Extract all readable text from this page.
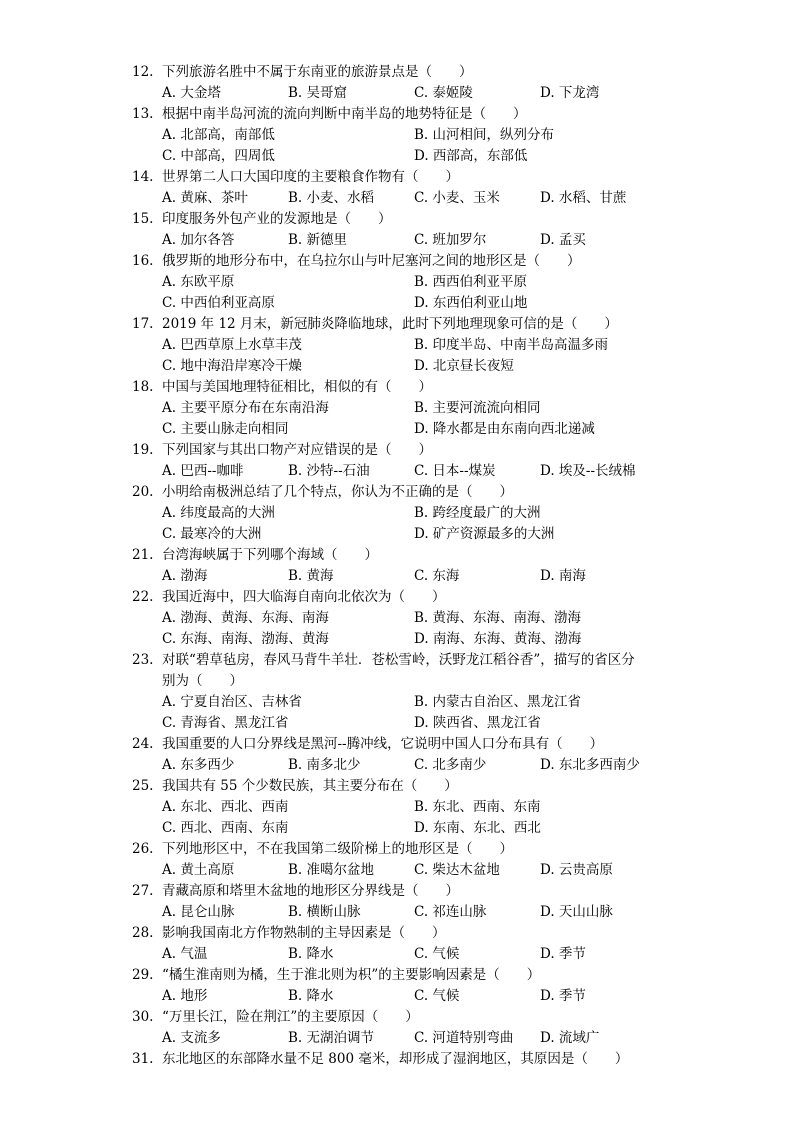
12. 下列旅游名胜中不属于东南亚的旅游景点是（　　）
A. 大金塔	B. 吴哥窟	C. 泰姬陵	D. 下龙湾
13. 根据中南半岛河流的流向判断中南半岛的地势特征是（　　）
A. 北部高，南部低	B. 山河相间，纵列分布
C. 中部高，四周低	D. 西部高，东部低
14. 世界第二人口大国印度的主要粮食作物有（　　）
A. 黄麻、茶叶	B. 小麦、水稻	C. 小麦、玉米	D. 水稻、甘蔗
15. 印度服务外包产业的发源地是（　　）
A. 加尔各答	B. 新德里	C. 班加罗尔	D. 孟买
16. 俄罗斯的地形分布中，在乌拉尔山与叶尼塞河之间的地形区是（　　）
A. 东欧平原	B. 西西伯利亚平原
C. 中西伯利亚高原	D. 东西伯利亚山地
17. 2019 年 12 月末，新冠肺炎降临地球，此时下列地理现象可信的是（　　）
A. 巴西草原上水草丰茂	B. 印度半岛、中南半岛高温多雨
C. 地中海沿岸寒冷干燥	D. 北京昼长夜短
18. 中国与美国地理特征相比，相似的有（　　）
A. 主要平原分布在东南沿海	B. 主要河流流向相同
C. 主要山脉走向相同	D. 降水都是由东南向西北递减
19. 下列国家与其出口物产对应错误的是（　　）
A. 巴西--咖啡	B. 沙特--石油	C. 日本--煤炭	D. 埃及--长绒棉
20. 小明给南极洲总结了几个特点，你认为不正确的是（　　）
A. 纬度最高的大洲	B. 跨经度最广的大洲
C. 最寒冷的大洲	D. 矿产资源最多的大洲
21. 台湾海峡属于下列哪个海域（　　）
A. 渤海	B. 黄海	C. 东海	D. 南海
22. 我国近海中，四大临海自南向北依次为（　　）
A. 渤海、黄海、东海、南海	B. 黄海、东海、南海、渤海
C. 东海、南海、渤海、黄海	D. 南海、东海、黄海、渤海
23. 对联“碧草毡房，春风马背牛羊壮．苍松雪岭，沃野龙江稻谷香”，描写的省区分
别为（　　）
A. 宁夏自治区、吉林省	B. 内蒙古自治区、黑龙江省
C. 青海省、黑龙江省	D. 陕西省、黑龙江省
24. 我国重要的人口分界线是黑河--腾冲线，它说明中国人口分布具有（　　）
A. 东多西少	B. 南多北少	C. 北多南少	D. 东北多西南少
25. 我国共有 55 个少数民族，其主要分布在（　　）
A. 东北、西北、西南	B. 东北、西南、东南
C. 西北、西南、东南	D. 东南、东北、西北
26. 下列地形区中，不在我国第二级阶梯上的地形区是（　　）
A. 黄土高原	B. 准噶尔盆地	C. 柴达木盆地	D. 云贵高原
27. 青藏高原和塔里木盆地的地形区分界线是（　　）
A. 昆仑山脉	B. 横断山脉	C. 祁连山脉	D. 天山山脉
28. 影响我国南北方作物熟制的主导因素是（　　）
A. 气温	B. 降水	C. 气候	D. 季节
29. “橘生淮南则为橘，生于淮北则为枳”的主要影响因素是（　　）
A. 地形	B. 降水	C. 气候	D. 季节
30. “万里长江，险在荆江”的主要原因（　　）
A. 支流多	B. 无湖泊调节	C. 河道特别弯曲 D. 流域广
31. 东北地区的东部降水量不足 800 毫米，却形成了湿润地区，其原因是（　　）
